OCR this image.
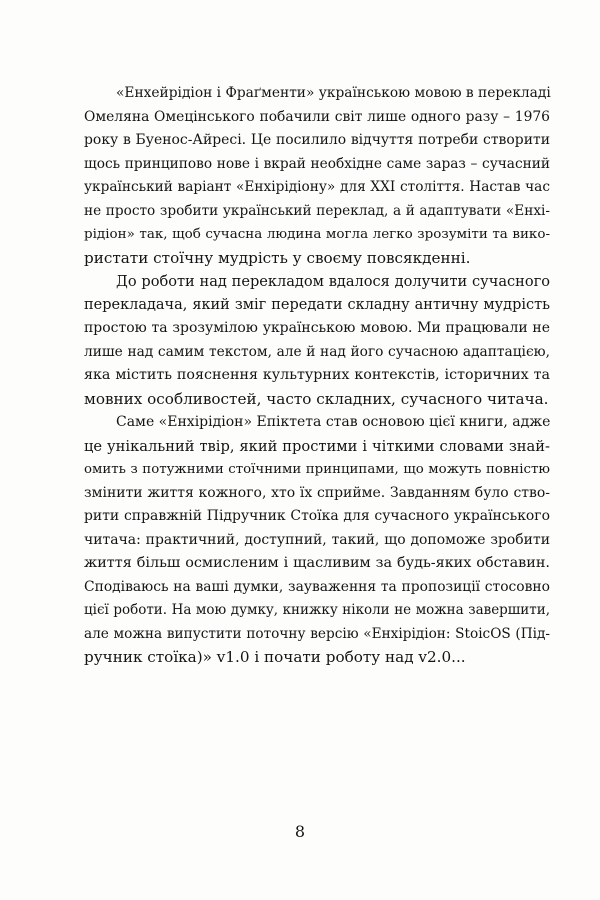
«Енхейрідіон і Фраґменти» українською мовою в перекладі
Омеляна Омецінського побачили світ лише одного разу – 1976
року в Буенос-Айресі. Це посилило відчуття потреби створити
щось принципово нове і вкрай необхідне саме зараз – сучасний
український варіант «Енхірідіону» для XXI століття. Настав час
не просто зробити український переклад, а й адаптувати «Енхі-
рідіон» так, щоб сучасна людина могла легко зрозуміти та вико-
ристати стоїчну мудрість у своєму повсякденні.

До роботи над перекладом вдалося долучити сучасного
перекладача, який зміг передати складну античну мудрість
простою та зрозумілою українською мовою. Ми працювали не
лише над самим текстом, але й над його сучасною адаптацією,
яка містить пояснення культурних контекстів, історичних та
мовних особливостей, часто складних, сучасного читача.

Саме «Енхірідіон» Епіктета став основою цієї книги, адже
це унікальний твір, який простими і чіткими словами знай-
омить з потужними стоїчними принципами, що можуть повністю
змінити життя кожного, хто їх сприйме. Завданням було ство-
рити справжній Підручник Стоїка для сучасного українського
читача: практичний, доступний, такий, що допоможе зробити
життя більш осмисленим і щасливим за будь-яких обставин.
Сподіваюсь на ваші думки, зауваження та пропозиції стосовно
цієї роботи. На мою думку, книжку ніколи не можна завершити,
але можна випустити поточну версію «Енхірідіон: StoicOS (Під-
ручник стоїка)» v1.0 і почати роботу над v2.0...

8
